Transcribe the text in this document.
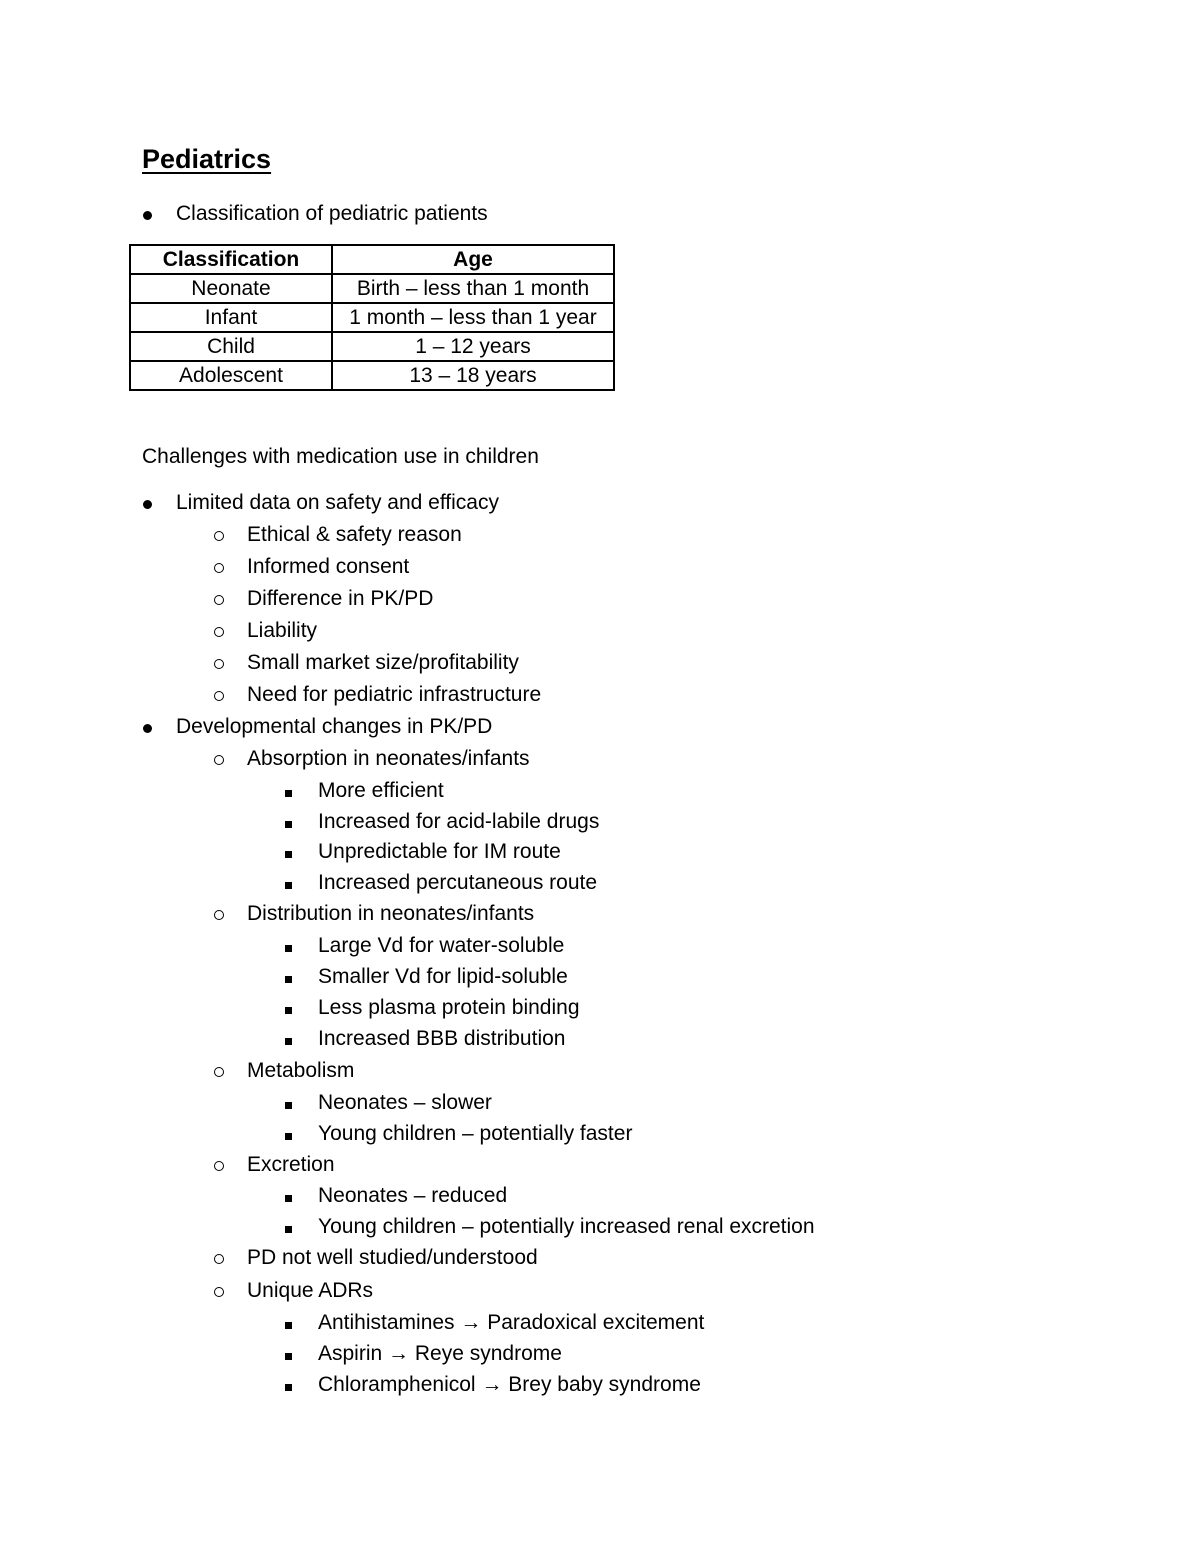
Pediatrics
Classification of pediatric patients
Classification	Age
Neonate	Birth – less than 1 month
Infant	1 month – less than 1 year
Child	1 – 12 years
Adolescent	13 – 18 years
Challenges with medication use in children
Limited data on safety and efficacy
Ethical & safety reason
Informed consent
Difference in PK/PD
Liability
Small market size/profitability
Need for pediatric infrastructure
Developmental changes in PK/PD
Absorption in neonates/infants
More efficient
Increased for acid-labile drugs
Unpredictable for IM route
Increased percutaneous route
Distribution in neonates/infants
Large Vd for water-soluble
Smaller Vd for lipid-soluble
Less plasma protein binding
Increased BBB distribution
Metabolism
Neonates – slower
Young children – potentially faster
Excretion
Neonates – reduced
Young children – potentially increased renal excretion
PD not well studied/understood
Unique ADRs
Antihistamines → Paradoxical excitement
Aspirin → Reye syndrome
Chloramphenicol → Brey baby syndrome
